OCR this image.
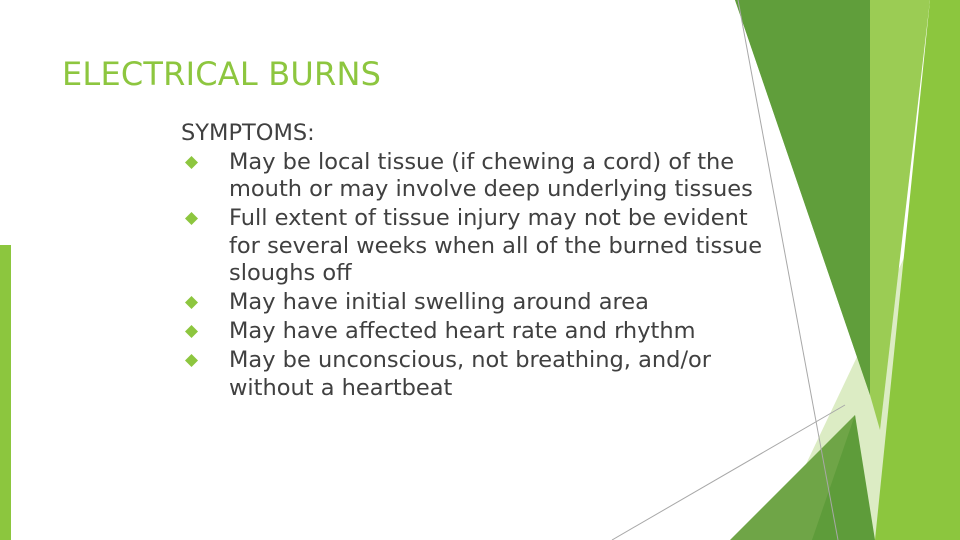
ELECTRICAL BURNS

SYMPTOMS:

May be local tissue (if chewing a cord) of the mouth or may involve deep underlying tissues
Full extent of tissue injury may not be evident for several weeks when all of the burned tissue sloughs off
May have initial swelling around area
May have affected heart rate and rhythm
May be unconscious, not breathing, and/or without a heartbeat
